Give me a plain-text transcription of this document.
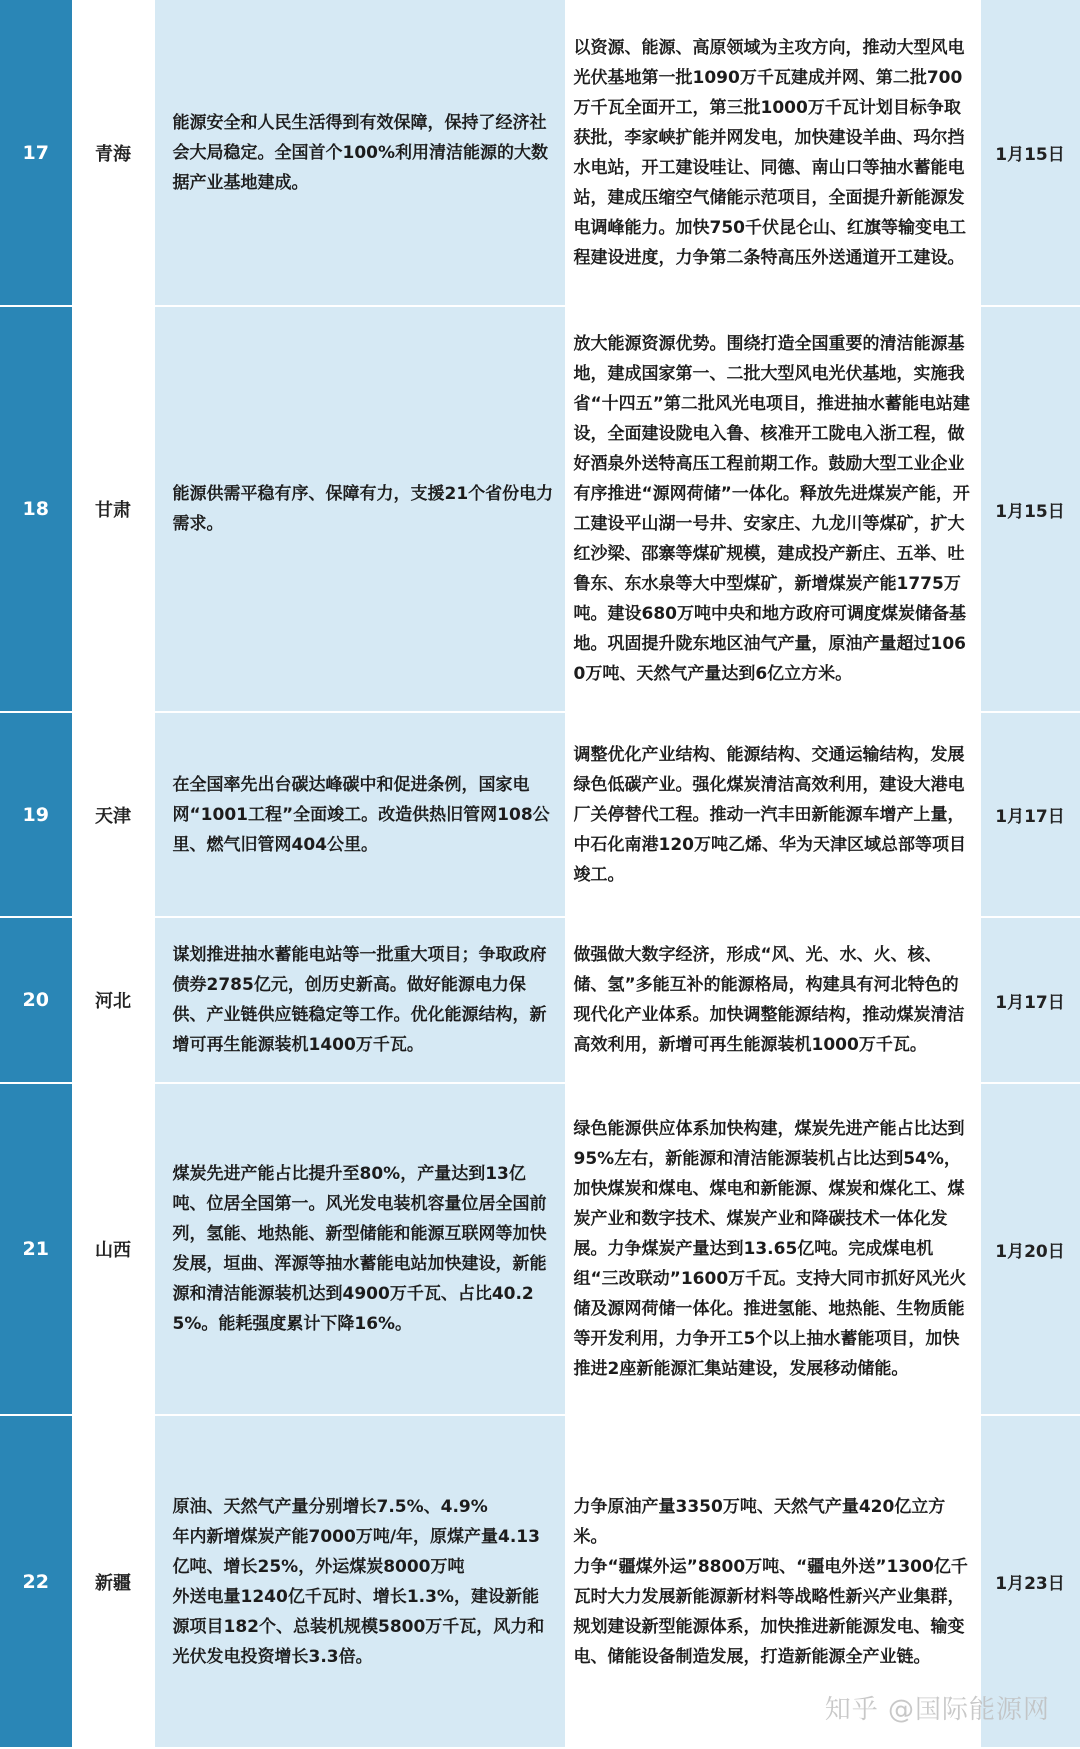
17	青海	能源安全和人民生活得到有效保障，保持了经济社会大局稳定。全国首个100%利用清洁能源的大数据产业基地建成。	以资源、能源、高原领域为主攻方向，推动大型风电光伏基地第一批1090万千瓦建成并网、第二批700万千瓦全面开工，第三批1000万千瓦计划目标争取获批，李家峡扩能并网发电，加快建设羊曲、玛尔挡水电站，开工建设哇让、同德、南山口等抽水蓄能电站，建成压缩空气储能示范项目，全面提升新能源发电调峰能力。加快750千伏昆仑山、红旗等输变电工程建设进度，力争第二条特高压外送通道开工建设。	1月15日
18	甘肃	能源供需平稳有序、保障有力，支援21个省份电力需求。	放大能源资源优势。围绕打造全国重要的清洁能源基地，建成国家第一、二批大型风电光伏基地，实施我省“十四五”第二批风光电项目，推进抽水蓄能电站建设，全面建设陇电入鲁、核准开工陇电入浙工程，做好酒泉外送特高压工程前期工作。鼓励大型工业企业有序推进“源网荷储”一体化。释放先进煤炭产能，开工建设平山湖一号井、安家庄、九龙川等煤矿，扩大红沙梁、邵寨等煤矿规模，建成投产新庄、五举、吐鲁东、东水泉等大中型煤矿，新增煤炭产能1775万吨。建设680万吨中央和地方政府可调度煤炭储备基地。巩固提升陇东地区油气产量，原油产量超过1060万吨、天然气产量达到6亿立方米。	1月15日
19	天津	在全国率先出台碳达峰碳中和促进条例，国家电网“1001工程”全面竣工。改造供热旧管网108公里、燃气旧管网404公里。	调整优化产业结构、能源结构、交通运输结构，发展绿色低碳产业。强化煤炭清洁高效利用，建设大港电厂关停替代工程。推动一汽丰田新能源车增产上量，中石化南港120万吨乙烯、华为天津区域总部等项目竣工。	1月17日
20	河北	谋划推进抽水蓄能电站等一批重大项目；争取政府债券2785亿元，创历史新高。做好能源电力保供、产业链供应链稳定等工作。优化能源结构，新增可再生能源装机1400万千瓦。	做强做大数字经济，形成“风、光、水、火、核、储、氢”多能互补的能源格局，构建具有河北特色的现代化产业体系。加快调整能源结构，推动煤炭清洁高效利用，新增可再生能源装机1000万千瓦。	1月17日
21	山西	煤炭先进产能占比提升至80%，产量达到13亿吨、位居全国第一。风光发电装机容量位居全国前列，氢能、地热能、新型储能和能源互联网等加快发展，垣曲、浑源等抽水蓄能电站加快建设，新能源和清洁能源装机达到4900万千瓦、占比40.25%。能耗强度累计下降16%。	绿色能源供应体系加快构建，煤炭先进产能占比达到95%左右，新能源和清洁能源装机占比达到54%，加快煤炭和煤电、煤电和新能源、煤炭和煤化工、煤炭产业和数字技术、煤炭产业和降碳技术一体化发展。力争煤炭产量达到13.65亿吨。完成煤电机组“三改联动”1600万千瓦。支持大同市抓好风光火储及源网荷储一体化。推进氢能、地热能、生物质能等开发利用，力争开工5个以上抽水蓄能项目，加快推进2座新能源汇集站建设，发展移动储能。	1月20日
22	新疆	原油、天然气产量分别增长7.5%、4.9%
年内新增煤炭产能7000万吨/年，原煤产量4.13亿吨、增长25%，外运煤炭8000万吨
外送电量1240亿千瓦时、增长1.3%，建设新能源项目182个、总装机规模5800万千瓦，风力和光伏发电投资增长3.3倍。	力争原油产量3350万吨、天然气产量420亿立方米。
力争“疆煤外运”8800万吨、“疆电外送”1300亿千瓦时大力发展新能源新材料等战略性新兴产业集群，规划建设新型能源体系，加快推进新能源发电、输变电、储能设备制造发展，打造新能源全产业链。	1月23日
知乎 @国际能源网
